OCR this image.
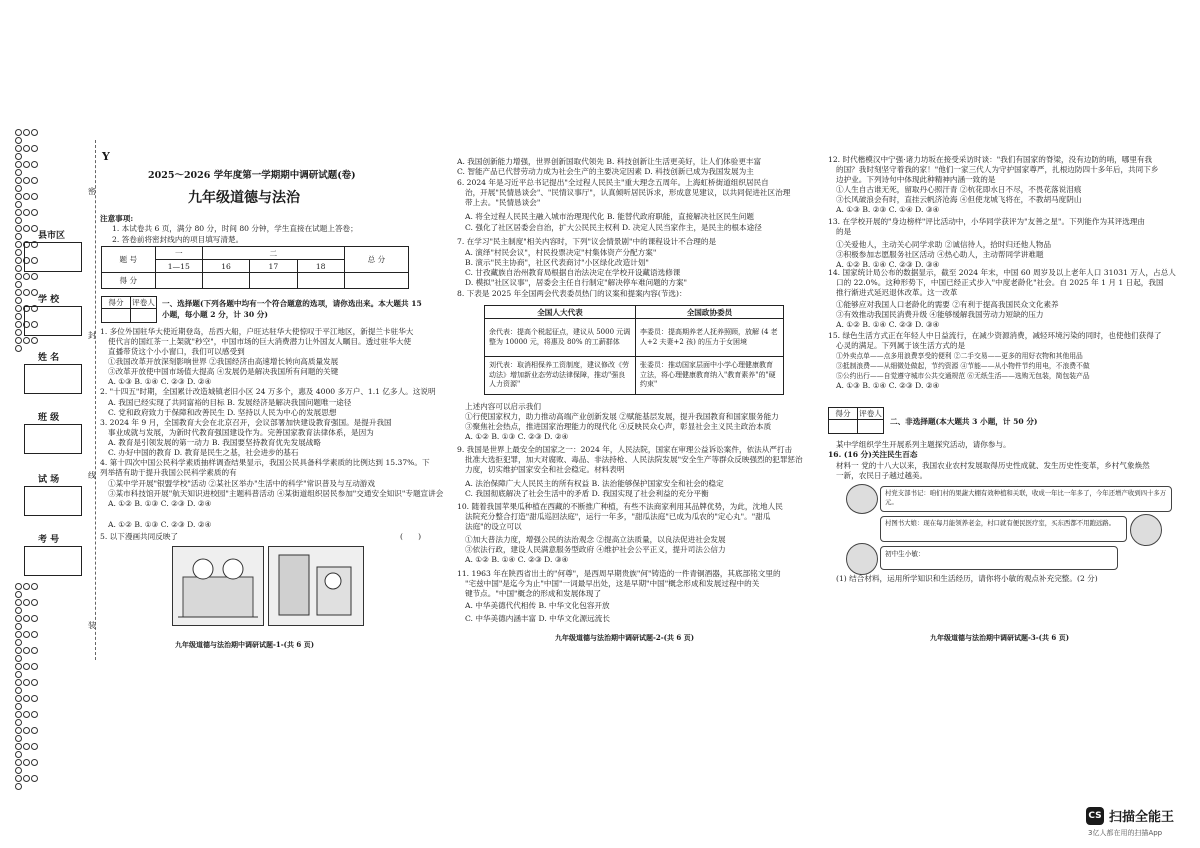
县市区
学 校
姓 名
班 级
试 场
考 号
密
封
线
装
Y
2025～2026 学年度第一学期期中调研试题(卷)
九年级道德与法治
注意事项:
1. 本试卷共 6 页，满分 80 分，时间 80 分钟，学生直接在试题上答卷；
2. 答卷前将密封线内的项目填写清楚。
题 号	一	二			总 分
	1—15	16	17	18	
得 分					
得分	评卷人
	一、选择题(下列各题中均有一个符合题意的选项，请你选出来。本大题共 15
小题，每小题 2 分，计 30 分)
1. 多位外国驻华大使近期登岛，岳西大船，户旺达驻华大使惊叹于平江地区，新提兰卡驻华大
使代言的国红茶一上架就"秒空"，中国市场的巨大消费潜力让外国友人瞩目。透过驻华大使
直播带货这个小小窗口，我们可以感受到
①我国改革开放深刻影响世界 ②我国经济由高速增长转向高质量发展
③改革开放使中国市场值大提高 ④发展仍是解决我国所有问题的关键
A. ①③ B. ①④ C. ②③ D. ②④
2. "十四五"时期，全国累计改造城镇老旧小区 24 万多个，惠及 4000 多万户、1.1 亿多人。这说明
A. 我国已经实现了共同富裕的目标 B. 发展经济是解决我国问题唯一途径
C. 党和政府致力于保障和改善民生 D. 坚持以人民为中心的发展思想
3. 2024 年 9 月，全国教育大会在北京召开，会议部署加快建设教育强国。是提升我国
事业成就与发展，为新时代教育强国建设作为。完善国家教育法律体系，是因为
A. 教育是引领发展的第一动力 B. 我国要坚持教育优先发展战略
C. 办好中国的教育 D. 教育是民生之基，社会进步的基石
4. 第十四次中国公民科学素质抽样调查结果显示，我国公民具备科学素质的比例达到 15.37%。下列举措有助于提升我国公民科学素质的有
①某中学开展"银盟学校"活动 ②某社区举办"生活中的科学"常识普及与互动游戏
③某市科技馆开展"航天知识进校园"主题科普活动 ④某街道组织居民参加"交通安全知识"专题宣讲会
A. ①② B. ①③ C. ②③ D. ②④
A. ①② B. ①③ C. ②③ D. ②④
5. 以下漫画共同反映了	(　　)
九年级道德与法治期中调研试题-1-(共 6 页)
A. 我国创新能力增强，世界创新国取代领先 B. 科技创新让生活更美好，让人们体验更丰富
C. 智能产品已代替劳动力成为社会生产的主要决定因素 D. 科技创新已成为我国发展为主
6. 2024 年是习近平总书记提出"全过程人民民主"重大理念五周年。上海虹桥街道组织居民自
治，开展"民情恳谈会"、"民情议事厅"，认真倾听居民诉求，形成意见建议，以共同促进社区治理
带上去。"民情恳谈会"
A. 将全过程人民民主融入城市治理现代化 B. 能替代政府职能，直接解决社区民生问题
C. 强化了社区居委会自治，扩大公民民主权利 D. 决定人民当家作主，是民主的根本途径
7. 在学习"民主制度"相关内容时，下列"议会情景剧"中的课程设计不合理的是
A. 演绎"村民会议"，村民投票决定"村集体资产分配方案"
B. 演示"民主协商"，社区代表商讨"小区绿化改造计划"
C. 甘孜藏族自治州教育局根据自治法决定在学校开设藏语选修课
D. 模拟"社区议事"，居委会主任自行制定"解决停车难问题的方案"
8. 下表是 2025 年全国两会代表委员热门的议案和提案内容(节选)：
全国人大代表	全国政协委员
余代表：提高个税起征点，建议从 5000 元调整为 10000 元，将惠及 80% 的工薪群体	李委员：提高期养老人抚养照顾，放解 (4 老人+2 夫妻+2 孩) 的压力于女困境
刘代表：取消相保养工资制度，建议修改《劳动法》增加新业态劳动法律保障，推动"强良人力资源"	张委员：推动国家层面中小学心理健康教育立法，将心理健康教育纳入"教育素养"的"硬约束"
上述内容可以启示我们
①行使国家权力，助力推动高端产业创新发展 ②赋能基层发展，提升我国教育和国家服务能力
③聚焦社会热点，推进国家治理能力的现代化 ④反映民众心声，彰显社会主义民主政治本质
A. ①② B. ①③ C. ②③ D. ②④
9. 我国是世界上最安全的国家之一：2024 年，人民法院，国家在审理公益诉讼案件，依法从严打击
批准大选拒犯罪，加大对腐败、毒品、非法持枪、人民法院发展"安全生产等群众反映强烈的犯罪惩治
力度，切实维护国家安全和社会稳定。材料表明
A. 法治保障广大人民民主的所有权益 B. 法治能够保护国家安全和社会的稳定
C. 我国彻底解决了社会生活中的矛盾 D. 我国实现了社会利益的充分平衡
10. 随着我国苹果瓜种植在西藏的不断推广种植，有些不法商家利用其品牌优势，为此，沈地人民
法院充分整合打造"甜瓜巡回法庭"，运行一年多，"甜瓜法庭"已成为瓜农的"定心丸"。"甜瓜
法庭"的设立可以
①加大普法力度，增强公民的法治观念 ②提高立法质量，以良法促进社会发展
③依法行政，建设人民满意服务型政府 ④维护社会公平正义，提升司法公信力
A. ①② B. ①④ C. ②③ D. ③④
11. 1963 年在陕西省出土的"何尊"，是西周早期贵族"何"铸造的一件青铜酒器，其底部铭文里的
"宅兹中国"是迄今为止"中国"一词最早出处，这是早期"中国"概念形成和发展过程中的关
键节点。"中国"概念的形成和发展体现了
A. 中华美德代代相传 B. 中华文化包容开放
C. 中华美德内涵丰富 D. 中华文化源远流长
九年级道德与法治期中调研试题-2-(共 6 页)
12. 时代楷模汉中宁强·诸力坊坂在接受采访时谈："我们有国家的脊梁，没有边防的哨，哪里有我
的国？我时刻坚守着我的家！"他们一家三代人为守护国家尊严，扎根边防四十多年后，共同下乡
边护业。下列诗句中体现此种精神内涵一致的是
①人生自古谁无死，留取丹心照汗青 ②杭花即水日不尽，不畏花落说泪痕
③长风破浪会有时，直挂云帆济沧海 ④但使龙城飞将在，不教胡马度阴山
A. ①③ B. ②③ C. ①④ D. ③④
13. 在学校开展的"身边榜样"评比活动中，小华同学获评为"友善之星"。下列能作为其评选理由
的是
①关爱他人，主动关心同学求助 ②诚信待人，拾时归还他人物品
③积极参加志愿服务社区活动 ④热心助人，主动帮同学讲难题
A. ①② B. ①④ C. ②③ D. ③④
14. 国家统计局公布的数据显示，截至 2024 年末，中国 60 周岁及以上老年人口 31031 万人，占总人
口的 22.0%。这种形势下，中国已经正式步入"中度老龄化"社会。自 2025 年 1 月 1 日起，我国
推行渐进式延迟退休改革。这一改革
①能够应对我国人口老龄化的需要 ②有利于提高我国民众文化素养
③有效推动我国民消费升级 ④能够缓解我国劳动力短缺的压力
A. ①② B. ①④ C. ②③ D. ③④
15. 绿色生活方式正在年轻人中日益流行，在减少资源消费，减轻环境污染的同时，也使他们获得了
心灵的满足。下列属于该生活方式的是
①外卖点单——点多用浪费享受的便利 ②二手交易——更多的用好衣物和其他用品
③抵制浪费——从细微处做起，节约资源 ④节能——从小物件节约用电，不浪费不做
⑤公约出行——自觉遵守城市公共交通规范 ⑥无纸生活——选购无包装，简包装产品
A. ①③ B. ①④ C. ②③ D. ②④
得分	评卷人

二、非选择题(本大题共 3 小题，计 50 分)
某中学组织学生开展系列主题探究活动，请你参与。
16. (16 分)关注民生百态
材料一 党的十八大以来，我国农业农村发展取得历史性成就、发生历史性变革，乡村气象焕然
一新，农民日子越过越美。
村党支部书记：咱们村的果蔬大棚有效种植和关联，收成一年比一年多了，今年还增产收到四十多万元。
村图书大娘：现在每月能领养老金，村口就有便民医疗室，买东西都不用跑远路。
初中生小敏：
(1) 结合材料，运用所学知识和生活经历，请你将小敏的观点补充完整。(2 分)
九年级道德与法治期中调研试题-3-(共 6 页)
CS 扫描全能王
3亿人都在用的扫描App
